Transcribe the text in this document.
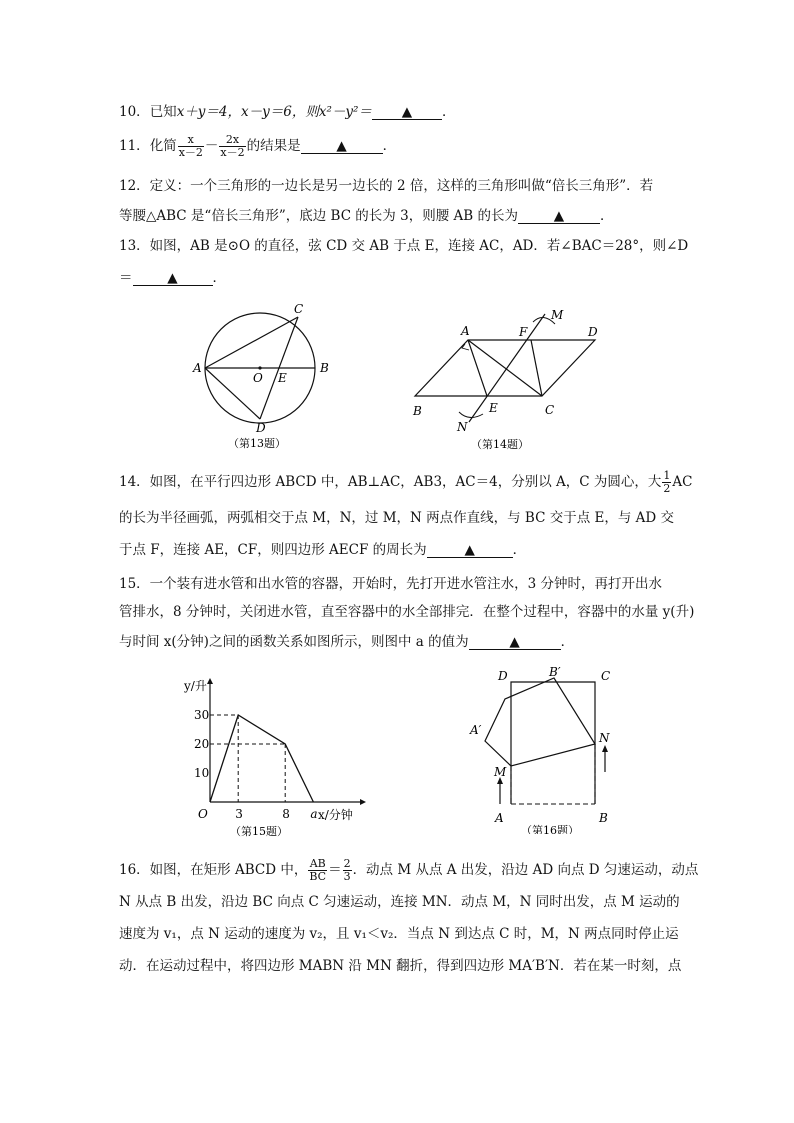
10．已知x＋y＝4，x－y＝6，则x²－y²＝ ▲ ．
11．化简 $\frac{x}{x-2} - \frac{2x}{x-2}$ 的结果是	▲	．
12．定义：一个三角形的一边长是另一边长的 2 倍，这样的三角形叫做“倍长三角形”．若
等腰△ABC 是“倍长三角形”，底边 BC 的长为 3，则腰 AB 的长为	▲	．
13．如图，AB 是⊙O 的直径，弦 CD 交 AB 于点 E，连接 AC，AD．若∠BAC＝28°，则∠D
＝	▲	．
A	B
C
D
O E
（第13题）
A	F
M
D
B	E	C
N
（第14题）
14．如图，在平行四边形 ABCD 中，AB⊥AC，AB3，AC＝4，分别以 A，C 为圆心，大 $\frac{1}{2}$ AC
的长为半径画弧，两弧相交于点 M，N，过 M，N 两点作直线，与 BC 交于点 E，与 AD 交
于点 F，连接 AE，CF，则四边形 AECF 的周长为	▲	．
15．一个装有进水管和出水管的容器，开始时，先打开进水管注水，3 分钟时，再打开出水
管排水，8 分钟时，关闭进水管，直至容器中的水全部排完．在整个过程中，容器中的水量 y(升)
与时间 x(分钟)之间的函数关系如图所示，则图中 a 的值为	▲	．
y/升
x/分钟
O
30
20
10
3	8 a
（第15题）
D	B′	C
A′
N
M
A	B
（第16题）
16．如图，在矩形 ABCD 中， $\frac{AB}{BC} = \frac{2}{3}$ ．动点 M 从点 A 出发，沿边 AD 向点 D 匀速运动，动点
N 从点 B 出发，沿边 BC 向点 C 匀速运动，连接 MN．动点 M，N 同时出发，点 M 运动的
速度为 v₁，点 N 运动的速度为 v₂，且 v₁＜v₂．当点 N 到达点 C 时，M，N 两点同时停止运
动．在运动过程中，将四边形 MABN 沿 MN 翻折，得到四边形 MA′B′N．若在某一时刻，点
